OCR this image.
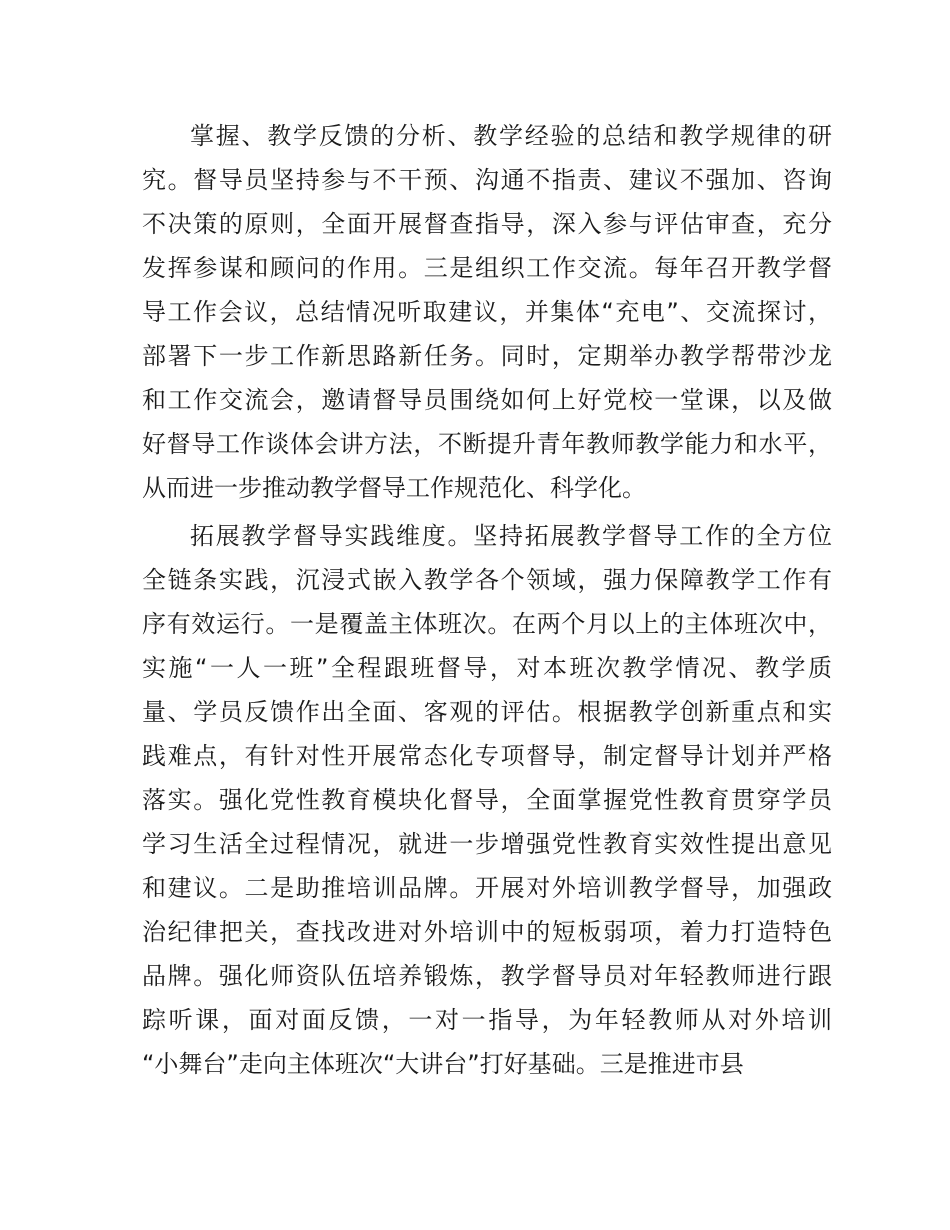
掌握、教学反馈的分析、教学经验的总结和教学规律的研
究。督导员坚持参与不干预、沟通不指责、建议不强加、咨询
不决策的原则，全面开展督查指导，深入参与评估审查，充分
发挥参谋和顾问的作用。三是组织工作交流。每年召开教学督
导工作会议，总结情况听取建议，并集体“充电”、交流探讨，
部署下一步工作新思路新任务。同时，定期举办教学帮带沙龙
和工作交流会，邀请督导员围绕如何上好党校一堂课，以及做
好督导工作谈体会讲方法，不断提升青年教师教学能力和水平，
从而进一步推动教学督导工作规范化、科学化。
拓展教学督导实践维度。坚持拓展教学督导工作的全方位
全链条实践，沉浸式嵌入教学各个领域，强力保障教学工作有
序有效运行。一是覆盖主体班次。在两个月以上的主体班次中，
实施“一人一班”全程跟班督导，对本班次教学情况、教学质
量、学员反馈作出全面、客观的评估。根据教学创新重点和实
践难点，有针对性开展常态化专项督导，制定督导计划并严格
落实。强化党性教育模块化督导，全面掌握党性教育贯穿学员
学习生活全过程情况，就进一步增强党性教育实效性提出意见
和建议。二是助推培训品牌。开展对外培训教学督导，加强政
治纪律把关，查找改进对外培训中的短板弱项，着力打造特色
品牌。强化师资队伍培养锻炼，教学督导员对年轻教师进行跟
踪听课，面对面反馈，一对一指导，为年轻教师从对外培训
“小舞台”走向主体班次“大讲台”打好基础。三是推进市县
